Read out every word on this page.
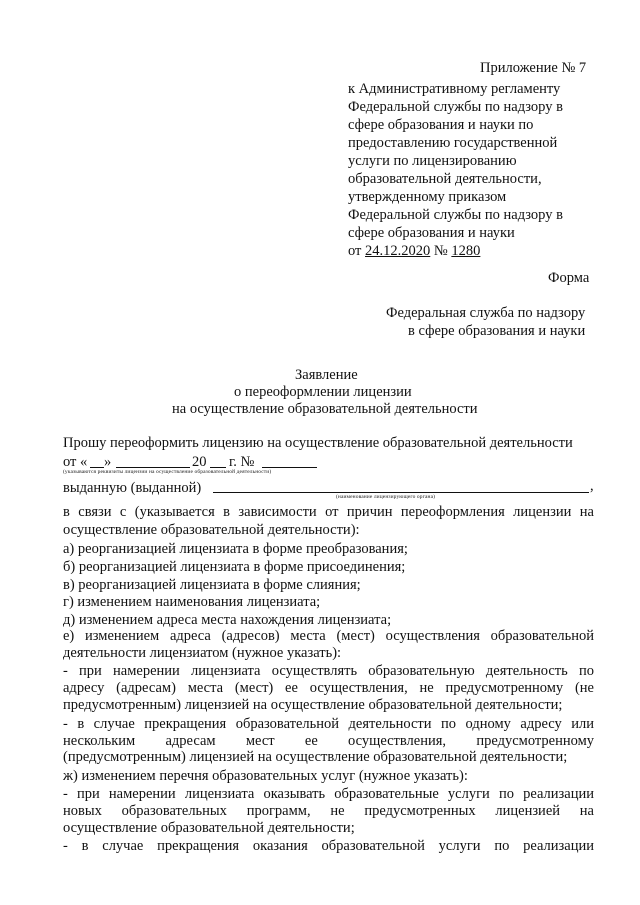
Приложение № 7
к Административному регламенту
Федеральной службы по надзору в
сфере образования и науки по
предоставлению государственной
услуги по лицензированию
образовательной деятельности,
утвержденному приказом
Федеральной службы по надзору в
сфере образования и науки
от 24.12.2020 № 1280
Форма
Федеральная служба по надзору
в сфере образования и науки
Заявление
о переоформлении лицензии
на осуществление образовательной деятельности
Прошу переоформить лицензию на осуществление образовательной деятельности
от « »	20 г. №
(указываются реквизиты лицензии на осуществление образовательной деятельности)
выданную (выданной)	,
(наименование лицензирующего органа)
в связи с (указывается в зависимости от причин переоформления лицензии на
осуществление образовательной деятельности):
а) реорганизацией лицензиата в форме преобразования;
б) реорганизацией лицензиата в форме присоединения;
в) реорганизацией лицензиата в форме слияния;
г) изменением наименования лицензиата;
д) изменением адреса места нахождения лицензиата;
е) изменением адреса (адресов) места (мест) осуществления образовательной
деятельности лицензиатом (нужное указать):
- при намерении лицензиата осуществлять образовательную деятельность по
адресу (адресам) места (мест) ее осуществления, не предусмотренному (не
предусмотренным) лицензией на осуществление образовательной деятельности;
- в случае прекращения образовательной деятельности по одному адресу или
нескольким адресам мест ее осуществления, предусмотренному
(предусмотренным) лицензией на осуществление образовательной деятельности;
ж) изменением перечня образовательных услуг (нужное указать):
- при намерении лицензиата оказывать образовательные услуги по реализации
новых образовательных программ, не предусмотренных лицензией на
осуществление образовательной деятельности;
- в случае прекращения оказания образовательной услуги по реализации
